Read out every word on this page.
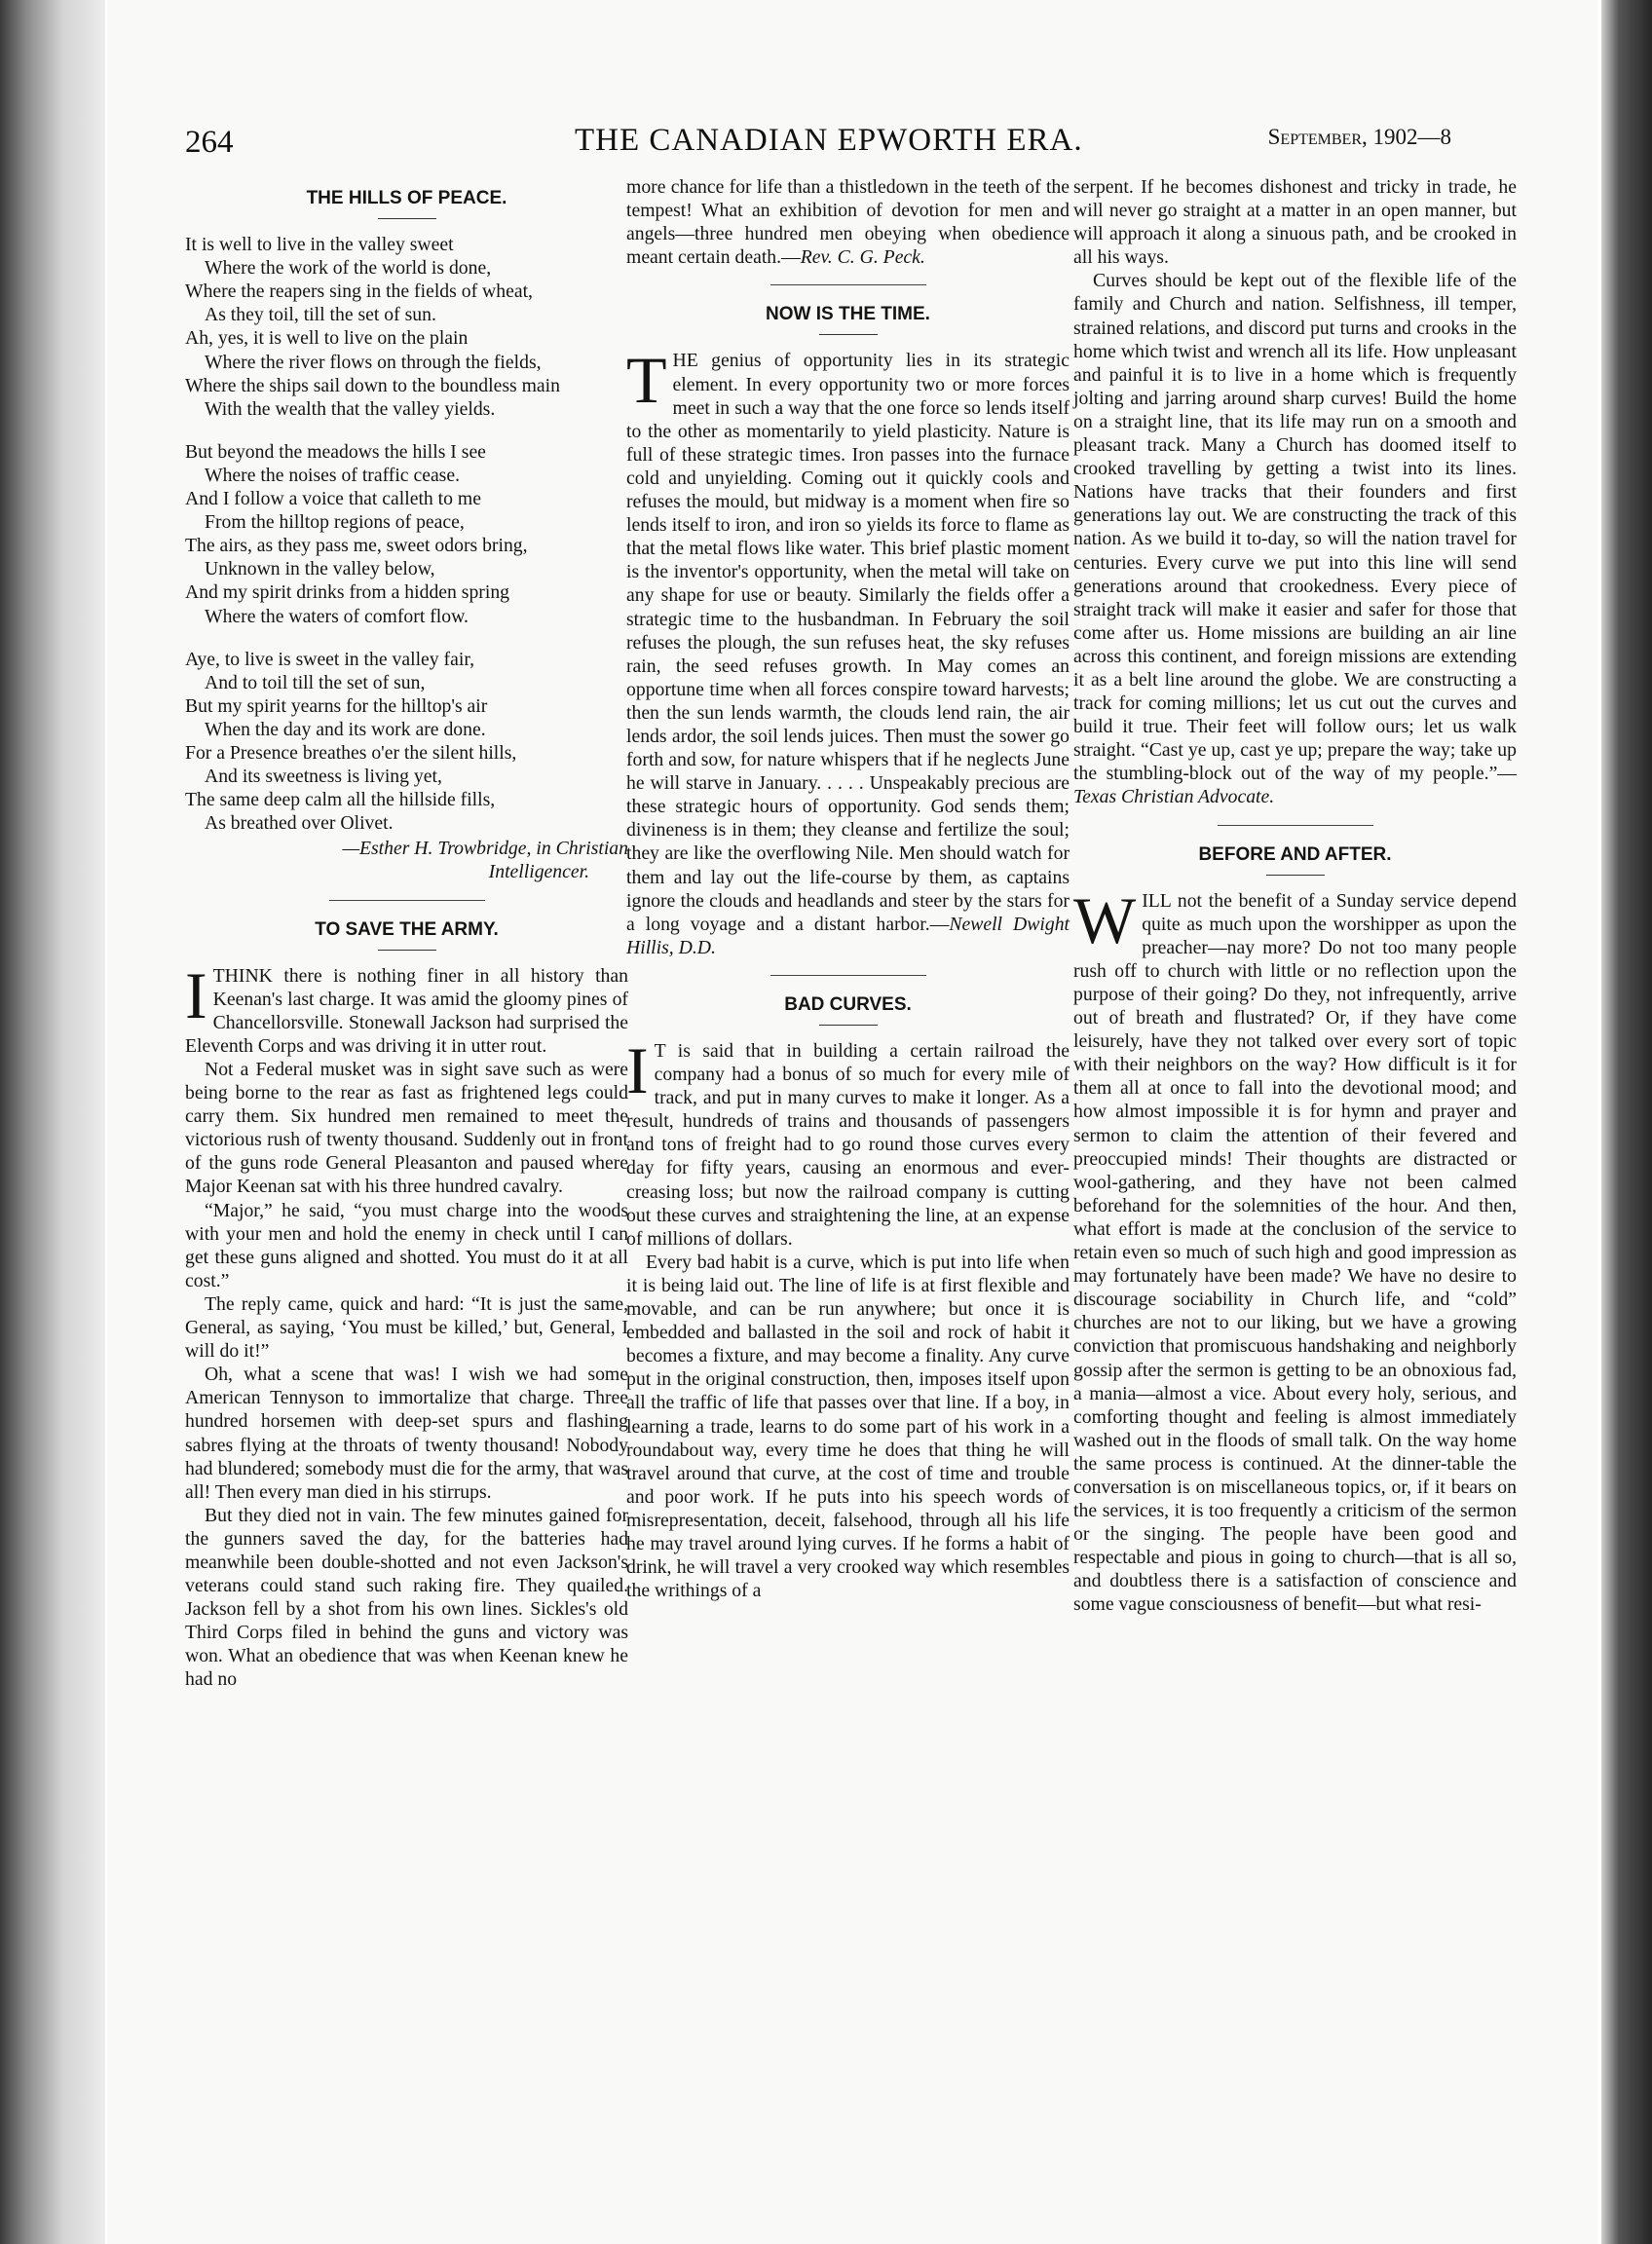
264	THE CANADIAN EPWORTH ERA.	September, 1902—8
THE HILLS OF PEACE.

It is well to live in the valley sweet

Where the work of the world is done,

Where the reapers sing in the fields of wheat,

As they toil, till the set of sun.

Ah, yes, it is well to live on the plain

Where the river flows on through the fields,

Where the ships sail down to the boundless main

With the wealth that the valley yields.

But beyond the meadows the hills I see

Where the noises of traffic cease.

And I follow a voice that calleth to me

From the hilltop regions of peace,

The airs, as they pass me, sweet odors bring,

Unknown in the valley below,

And my spirit drinks from a hidden spring

Where the waters of comfort flow.

Aye, to live is sweet in the valley fair,

And to toil till the set of sun,

But my spirit yearns for the hilltop's air

When the day and its work are done.

For a Presence breathes o'er the silent hills,

And its sweetness is living yet,

The same deep calm all the hillside fills,

As breathed over Olivet.

—Esther H. Trowbridge, in Christian
Intelligencer.
TO SAVE THE ARMY.

ITHINK there is nothing finer in all history than Keenan's last charge. It was amid the gloomy pines of Chancellorsville. Stonewall Jackson had surprised the Eleventh Corps and was driving it in utter rout.

Not a Federal musket was in sight save such as were being borne to the rear as fast as frightened legs could carry them. Six hundred men remained to meet the victorious rush of twenty thousand. Suddenly out in front of the guns rode General Pleasanton and paused where Major Keenan sat with his three hundred cavalry.

“Major,” he said, “you must charge into the woods with your men and hold the enemy in check until I can get these guns aligned and shotted. You must do it at all cost.”

The reply came, quick and hard: “It is just the same, General, as saying, ‘You must be killed,’ but, General, I will do it!”

Oh, what a scene that was! I wish we had some American Tennyson to immortalize that charge. Three hundred horsemen with deep-set spurs and flashing sabres flying at the throats of twenty thousand! Nobody had blundered; somebody must die for the army, that was all! Then every man died in his stirrups.

But they died not in vain. The few minutes gained for the gunners saved the day, for the batteries had meanwhile been double-shotted and not even Jackson's veterans could stand such raking fire. They quailed. Jackson fell by a shot from his own lines. Sickles's old Third Corps filed in behind the guns and victory was won. What an obedience that was when Keenan knew he had no

more chance for life than a thistledown in the teeth of the tempest! What an exhibition of devotion for men and angels—three hundred men obeying when obedience meant certain death.—Rev. C. G. Peck.

NOW IS THE TIME.

THE genius of opportunity lies in its strategic element. In every opportunity two or more forces meet in such a way that the one force so lends itself to the other as momentarily to yield plasticity. Nature is full of these strategic times. Iron passes into the furnace cold and unyielding. Coming out it quickly cools and refuses the mould, but midway is a moment when fire so lends itself to iron, and iron so yields its force to flame as that the metal flows like water. This brief plastic moment is the inventor's opportunity, when the metal will take on any shape for use or beauty. Similarly the fields offer a strategic time to the husbandman. In February the soil refuses the plough, the sun refuses heat, the sky refuses rain, the seed refuses growth. In May comes an opportune time when all forces conspire toward harvests; then the sun lends warmth, the clouds lend rain, the air lends ardor, the soil lends juices. Then must the sower go forth and sow, for nature whispers that if he neglects June he will starve in January. . . . . Unspeakably precious are these strategic hours of opportunity. God sends them; divineness is in them; they cleanse and fertilize the soul; they are like the overflowing Nile. Men should watch for them and lay out the life-course by them, as captains ignore the clouds and headlands and steer by the stars for a long voyage and a distant harbor.—Newell Dwight Hillis, D.D.

BAD CURVES.

I T is said that in building a certain railroad the company had a bonus of so much for every mile of track, and put in many curves to make it longer. As a result, hundreds of trains and thousands of passengers and tons of freight had to go round those curves every day for fifty years, causing an enormous and ever-creasing loss; but now the railroad company is cutting out these curves and straightening the line, at an expense of millions of dollars.

Every bad habit is a curve, which is put into life when it is being laid out. The line of life is at first flexible and movable, and can be run anywhere; but once it is embedded and ballasted in the soil and rock of habit it becomes a fixture, and may become a finality. Any curve put in the original construction, then, imposes itself upon all the traffic of life that passes over that line. If a boy, in learning a trade, learns to do some part of his work in a roundabout way, every time he does that thing he will travel around that curve, at the cost of time and trouble and poor work. If he puts into his speech words of misrepresentation, deceit, falsehood, through all his life he may travel around lying curves. If he forms a habit of drink, he will travel a very crooked way which resembles the writhings of a

serpent. If he becomes dishonest and tricky in trade, he will never go straight at a matter in an open manner, but will approach it along a sinuous path, and be crooked in all his ways.

Curves should be kept out of the flexible life of the family and Church and nation. Selfishness, ill temper, strained relations, and discord put turns and crooks in the home which twist and wrench all its life. How unpleasant and painful it is to live in a home which is frequently jolting and jarring around sharp curves! Build the home on a straight line, that its life may run on a smooth and pleasant track. Many a Church has doomed itself to crooked travelling by getting a twist into its lines. Nations have tracks that their founders and first generations lay out. We are constructing the track of this nation. As we build it to-day, so will the nation travel for centuries. Every curve we put into this line will send generations around that crookedness. Every piece of straight track will make it easier and safer for those that come after us. Home missions are building an air line across this continent, and foreign missions are extending it as a belt line around the globe. We are constructing a track for coming millions; let us cut out the curves and build it true. Their feet will follow ours; let us walk straight. “Cast ye up, cast ye up; prepare the way; take up the stumbling-block out of the way of my people.”—Texas Christian Advocate.

BEFORE AND AFTER.

WILL not the benefit of a Sunday service depend quite as much upon the worshipper as upon the preacher—nay more? Do not too many people rush off to church with little or no reflection upon the purpose of their going? Do they, not infrequently, arrive out of breath and flustrated? Or, if they have come leisurely, have they not talked over every sort of topic with their neighbors on the way? How difficult is it for them all at once to fall into the devotional mood; and how almost impossible it is for hymn and prayer and sermon to claim the attention of their fevered and preoccupied minds! Their thoughts are distracted or wool-gathering, and they have not been calmed beforehand for the solemnities of the hour. And then, what effort is made at the conclusion of the service to retain even so much of such high and good impression as may fortunately have been made? We have no desire to discourage sociability in Church life, and “cold” churches are not to our liking, but we have a growing conviction that promiscuous handshaking and neighborly gossip after the sermon is getting to be an obnoxious fad, a mania—almost a vice. About every holy, serious, and comforting thought and feeling is almost immediately washed out in the floods of small talk. On the way home the same process is continued. At the dinner-table the conversation is on miscellaneous topics, or, if it bears on the services, it is too frequently a criticism of the sermon or the singing. The people have been good and respectable and pious in going to church—that is all so, and doubtless there is a satisfaction of conscience and some vague consciousness of benefit—but what resi-
